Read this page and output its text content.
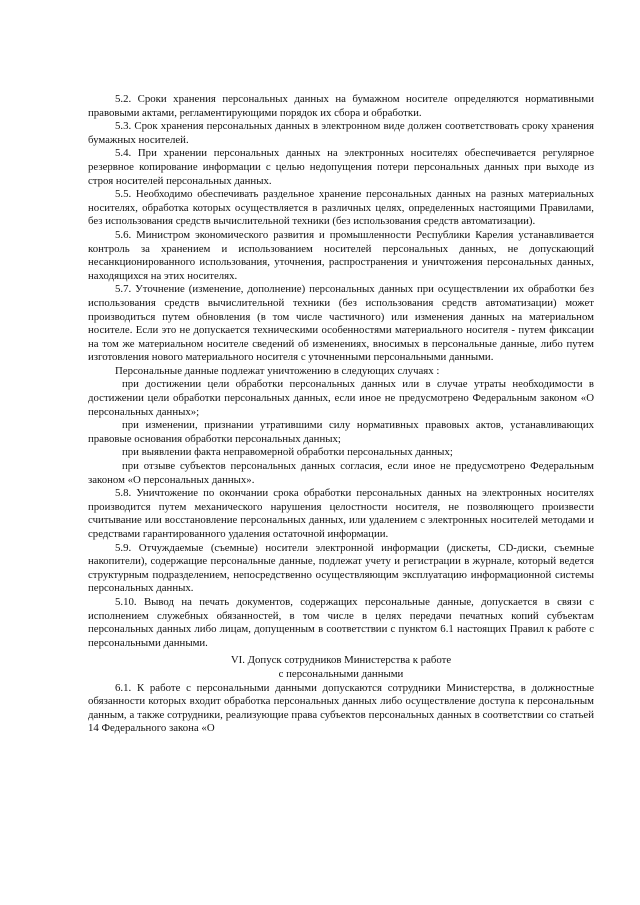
5.2. Сроки хранения персональных данных на бумажном носителе определяются нормативными правовыми актами, регламентирующими порядок их сбора и обработки.

5.3. Срок хранения персональных данных в электронном виде должен соответствовать сроку хранения бумажных носителей.

5.4. При хранении персональных данных на электронных носителях обеспечивается регулярное резервное копирование информации с целью недопущения потери персональных данных при выходе из строя носителей персональных данных.

5.5. Необходимо обеспечивать раздельное хранение персональных данных на разных материальных носителях, обработка которых осуществляется в различных целях, определенных настоящими Правилами, без использования средств вычислительной техники (без использования средств автоматизации).

5.6. Министром экономического развития и промышленности Республики Карелия устанавливается контроль за хранением и использованием носителей персональных данных, не допускающий несанкционированного использования, уточнения, распространения и уничтожения персональных данных, находящихся на этих носителях.

5.7. Уточнение (изменение, дополнение) персональных данных при осуществлении их обработки без использования средств вычислительной техники (без использования средств автоматизации) может производиться путем обновления (в том числе частичного) или изменения данных на материальном носителе. Если это не допускается техническими особенностями материального носителя - путем фиксации на том же материальном носителе сведений об изменениях, вносимых в персональные данные, либо путем изготовления нового материального носителя с уточненными персональными данными.

Персональные данные подлежат уничтожению в следующих случаях :

при достижении цели обработки персональных данных или в случае утраты необходимости в достижении цели обработки персональных данных, если иное не предусмотрено Федеральным законом «О персональных данных»;

при изменении, признании утратившими силу нормативных правовых актов, устанавливающих правовые основания обработки персональных данных;

при выявлении факта неправомерной обработки персональных данных;

при отзыве субъектов персональных данных согласия, если иное не предусмотрено Федеральным законом «О персональных данных».

5.8. Уничтожение по окончании срока обработки персональных данных на электронных носителях производится путем механического нарушения целостности носителя, не позволяющего произвести считывание или восстановление персональных данных, или удалением с электронных носителей методами и средствами гарантированного удаления остаточной информации.

5.9. Отчуждаемые (съемные) носители электронной информации (дискеты, CD-диски, съемные накопители), содержащие персональные данные, подлежат учету и регистрации в журнале, который ведется структурным подразделением, непосредственно осуществляющим эксплуатацию информационной системы персональных данных.

5.10. Вывод на печать документов, содержащих персональные данные, допускается в связи с исполнением служебных обязанностей, в том числе в целях передачи печатных копий субъектам персональных данных либо лицам, допущенным в соответствии с пунктом 6.1 настоящих Правил к работе с персональными данными.

VI. Допуск сотрудников Министерства к работе
с персональными данными

6.1. К работе с персональными данными допускаются сотрудники Министерства, в должностные обязанности которых входит обработка персональных данных либо осуществление доступа к персональным данным, а также сотрудники, реализующие права субъектов персональных данных в соответствии со статьей 14 Федерального закона «О
